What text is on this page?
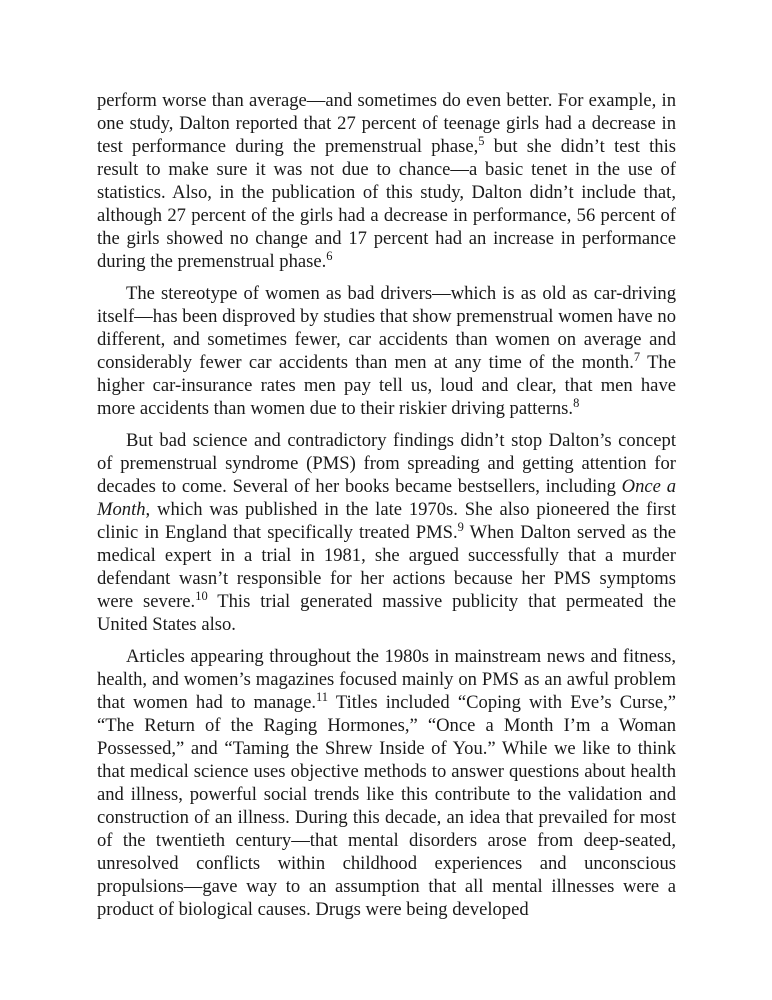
perform worse than average—and sometimes do even better. For example, in one study, Dalton reported that 27 percent of teenage girls had a decrease in test performance during the premenstrual phase,$^5$ but she didn’t test this result to make sure it was not due to chance—a basic tenet in the use of statistics. Also, in the publication of this study, Dalton didn’t include that, although 27 percent of the girls had a decrease in performance, 56 percent of the girls showed no change and 17 percent had an increase in performance during the premenstrual phase.$^6$

The stereotype of women as bad drivers—which is as old as car-driving itself—has been disproved by studies that show premenstrual women have no different, and sometimes fewer, car accidents than women on average and considerably fewer car accidents than men at any time of the month.$^7$ The higher car-insurance rates men pay tell us, loud and clear, that men have more accidents than women due to their riskier driving patterns.$^8$

But bad science and contradictory findings didn’t stop Dalton’s concept of premenstrual syndrome (PMS) from spreading and getting attention for decades to come. Several of her books became bestsellers, including Once a Month, which was published in the late 1970s. She also pioneered the first clinic in England that specifically treated PMS.$^9$ When Dalton served as the medical expert in a trial in 1981, she argued successfully that a murder defendant wasn’t responsible for her actions because her PMS symptoms were severe.$^{10}$ This trial generated massive publicity that permeated the United States also.

Articles appearing throughout the 1980s in mainstream news and fitness, health, and women’s magazines focused mainly on PMS as an awful problem that women had to manage.$^{11}$ Titles included “Coping with Eve’s Curse,” “The Return of the Raging Hormones,” “Once a Month I’m a Woman Possessed,” and “Taming the Shrew Inside of You.” While we like to think that medical science uses objective methods to answer questions about health and illness, powerful social trends like this contribute to the validation and construction of an illness. During this decade, an idea that prevailed for most of the twentieth century—that mental disorders arose from deep-seated, unresolved conflicts within childhood experiences and unconscious propulsions—gave way to an assumption that all mental illnesses were a product of biological causes. Drugs were being developed
